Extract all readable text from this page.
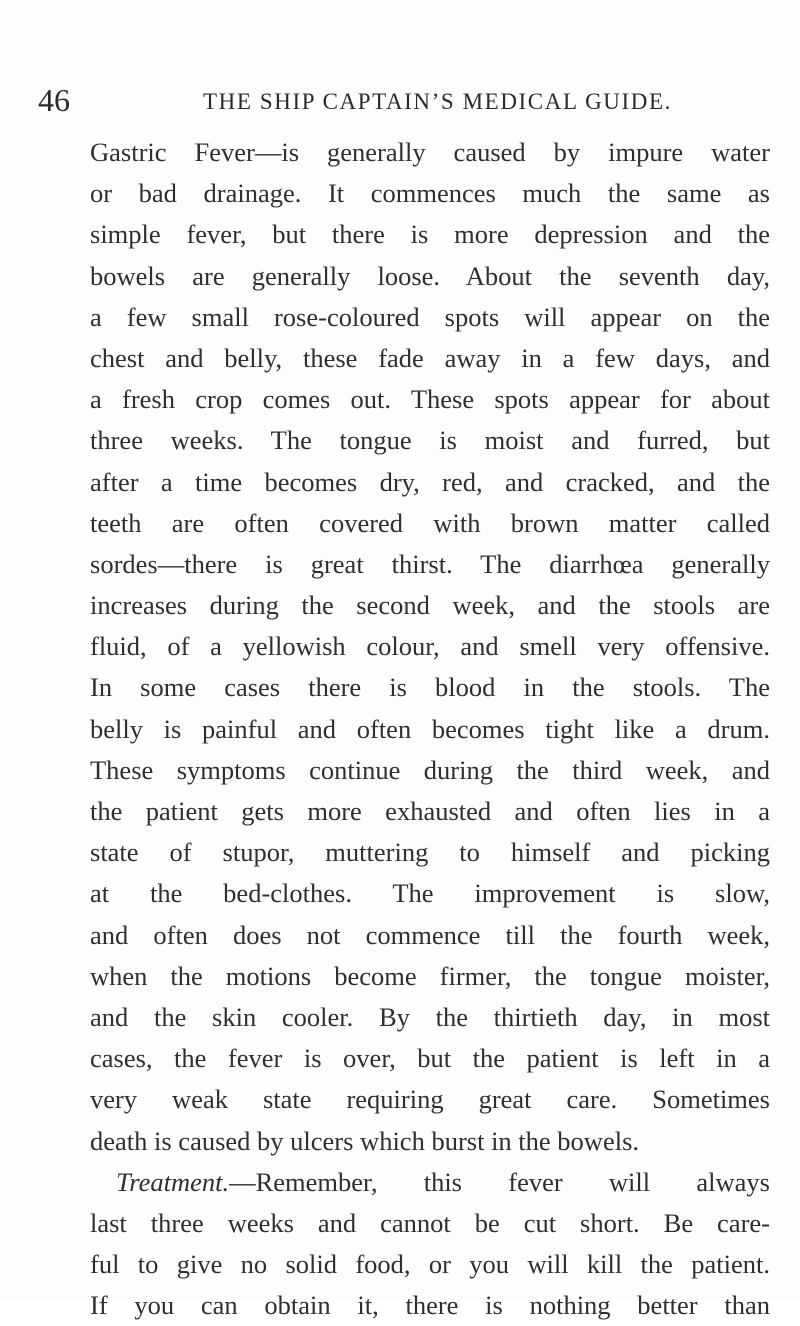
46	THE SHIP CAPTAIN’S MEDICAL GUIDE.
Gastric Fever—is generally caused by impure water
or bad drainage. It commences much the same as
simple fever, but there is more depression and the
bowels are generally loose. About the seventh day,
a few small rose-coloured spots will appear on the
chest and belly, these fade away in a few days, and
a fresh crop comes out. These spots appear for about
three weeks. The tongue is moist and furred, but
after a time becomes dry, red, and cracked, and the
teeth are often covered with brown matter called
sordes—there is great thirst. The diarrhœa generally
increases during the second week, and the stools are
fluid, of a yellowish colour, and smell very offensive.
In some cases there is blood in the stools. The
belly is painful and often becomes tight like a drum.
These symptoms continue during the third week, and
the patient gets more exhausted and often lies in a
state of stupor, muttering to himself and picking
at the bed-clothes. The improvement is slow,
and often does not commence till the fourth week,
when the motions become firmer, the tongue moister,
and the skin cooler. By the thirtieth day, in most
cases, the fever is over, but the patient is left in a
very weak state requiring great care. Sometimes
death is caused by ulcers which burst in the bowels.
Treatment.—Remember, this fever will always
last three weeks and cannot be cut short. Be care-
ful to give no solid food, or you will kill the patient.
If you can obtain it, there is nothing better than
